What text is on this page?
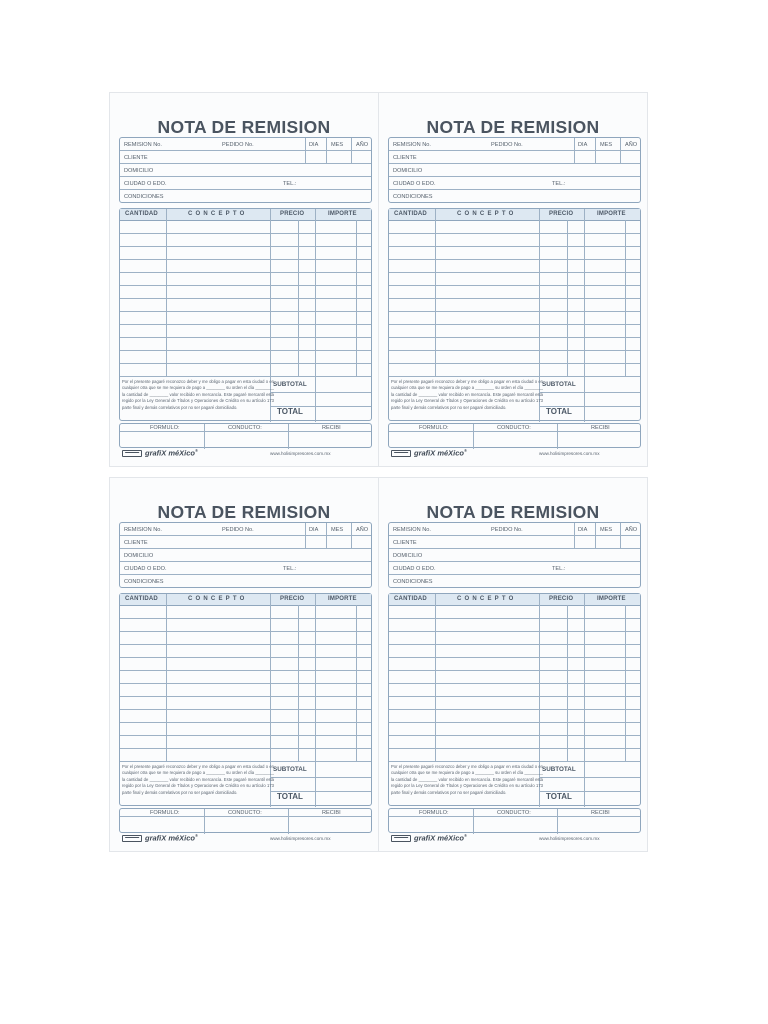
NOTA DE REMISION
REMISION No.	PEDIDO No.	DIA MES AÑO
CLIENTE
DOMICILIO
CIUDAD O EDO.	TEL.:
CONDICIONES
CANTIDAD	CONCEPTO	PRECIO	IMPORTE
Por el presente pagaré reconozco deber y me obligo a pagar en esta ciudad o en cualquier otra que se me requiera de pago a ________ su orden el día ________ la cantidad de ________ valor recibido en mercancía. Este pagaré mercantil está regido por la Ley General de Títulos y Operaciones de Crédito en su artículo 173 parte final y demás correlativos por no ser pagaré domiciliado.
SUBTOTAL
TOTAL
FORMULO:	CONDUCTO:	RECIBI
grafiX méXico®
www.holisimpresores.com.mx
NOTA DE REMISION
REMISION No.	PEDIDO No.	DIA MES AÑO
CLIENTE
DOMICILIO
CIUDAD O EDO.	TEL.:
CONDICIONES
CANTIDAD	CONCEPTO	PRECIO	IMPORTE
Por el presente pagaré reconozco deber y me obligo a pagar en esta ciudad o en cualquier otra que se me requiera de pago a ________ su orden el día ________ la cantidad de ________ valor recibido en mercancía. Este pagaré mercantil está regido por la Ley General de Títulos y Operaciones de Crédito en su artículo 173 parte final y demás correlativos por no ser pagaré domiciliado.
SUBTOTAL
TOTAL
FORMULO:	CONDUCTO:	RECIBI
grafiX méXico®
www.holisimpresores.com.mx
NOTA DE REMISION
REMISION No.	PEDIDO No.	DIA MES AÑO
CLIENTE
DOMICILIO
CIUDAD O EDO.	TEL.:
CONDICIONES
CANTIDAD	CONCEPTO	PRECIO	IMPORTE
Por el presente pagaré reconozco deber y me obligo a pagar en esta ciudad o en cualquier otra que se me requiera de pago a ________ su orden el día ________ la cantidad de ________ valor recibido en mercancía. Este pagaré mercantil está regido por la Ley General de Títulos y Operaciones de Crédito en su artículo 173 parte final y demás correlativos por no ser pagaré domiciliado.
SUBTOTAL
TOTAL
FORMULO:	CONDUCTO:	RECIBI
grafiX méXico®
www.holisimpresores.com.mx
NOTA DE REMISION
REMISION No.	PEDIDO No.	DIA MES AÑO
CLIENTE
DOMICILIO
CIUDAD O EDO.	TEL.:
CONDICIONES
CANTIDAD	CONCEPTO	PRECIO	IMPORTE
Por el presente pagaré reconozco deber y me obligo a pagar en esta ciudad o en cualquier otra que se me requiera de pago a ________ su orden el día ________ la cantidad de ________ valor recibido en mercancía. Este pagaré mercantil está regido por la Ley General de Títulos y Operaciones de Crédito en su artículo 173 parte final y demás correlativos por no ser pagaré domiciliado.
SUBTOTAL
TOTAL
FORMULO:	CONDUCTO:	RECIBI
grafiX méXico®
www.holisimpresores.com.mx
